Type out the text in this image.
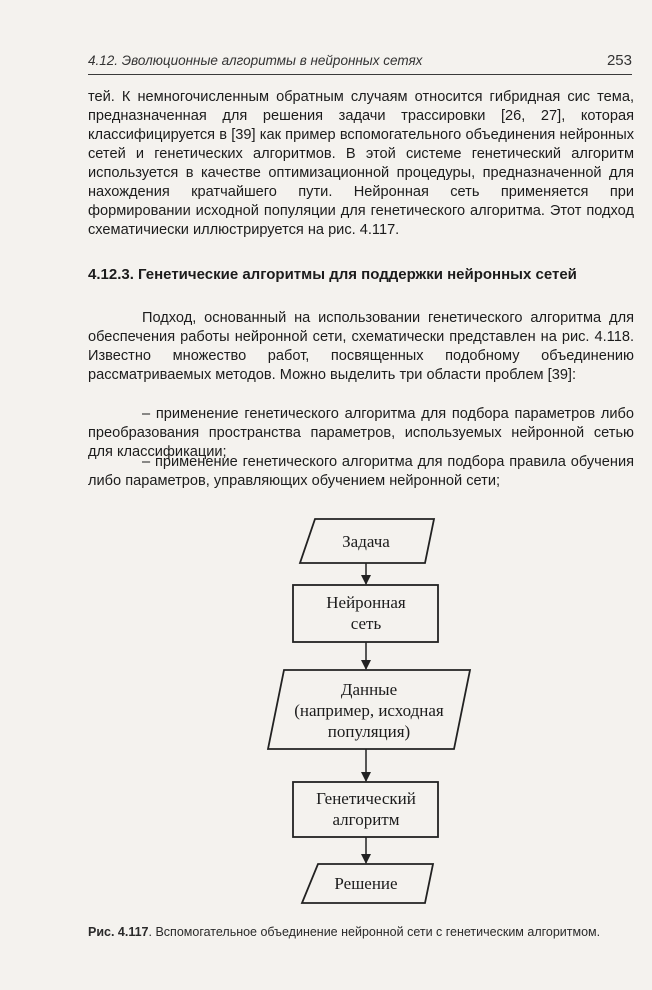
4.12. Эволюционные алгоритмы в нейронных сетях	253

тей. К немногочисленным обратным случаям относится гибридная сис тема, предназначенная для решения задачи трассировки [26, 27], которая классифицируется в [39] как пример вспомогательного объединения нейронных сетей и генетических алгоритмов. В этой системе генетический алгоритм используется в качестве оптимизационной процедуры, предназначенной для нахождения кратчайшего пути. Нейронная сеть применяется при формировании исходной популяции для генетического алгоритма. Этот подход схематичиески иллюстрируется на рис. 4.117.

4.12.3. Генетические алгоритмы для поддержки нейронных сетей

Подход, основанный на использовании генетического алгоритма для обеспечения работы нейронной сети, схематически представлен на рис. 4.118. Известно множество работ, посвященных подобному объединению рассматриваемых методов. Можно выделить три области проблем [39]:

– применение генетического алгоритма для подбора параметров либо преобразования пространства параметров, используемых нейронной сетью для классификации;

– применение генетического алгоритма для подбора правила обучения либо параметров, управляющих обучением нейронной сети;

Задача
Нейронная
сеть
Данные
(например, исходная
популяция)
Генетический
алгоритм
Решение

Рис. 4.117. Вспомогательное объединение нейронной сети с генетическим алгоритмом.
